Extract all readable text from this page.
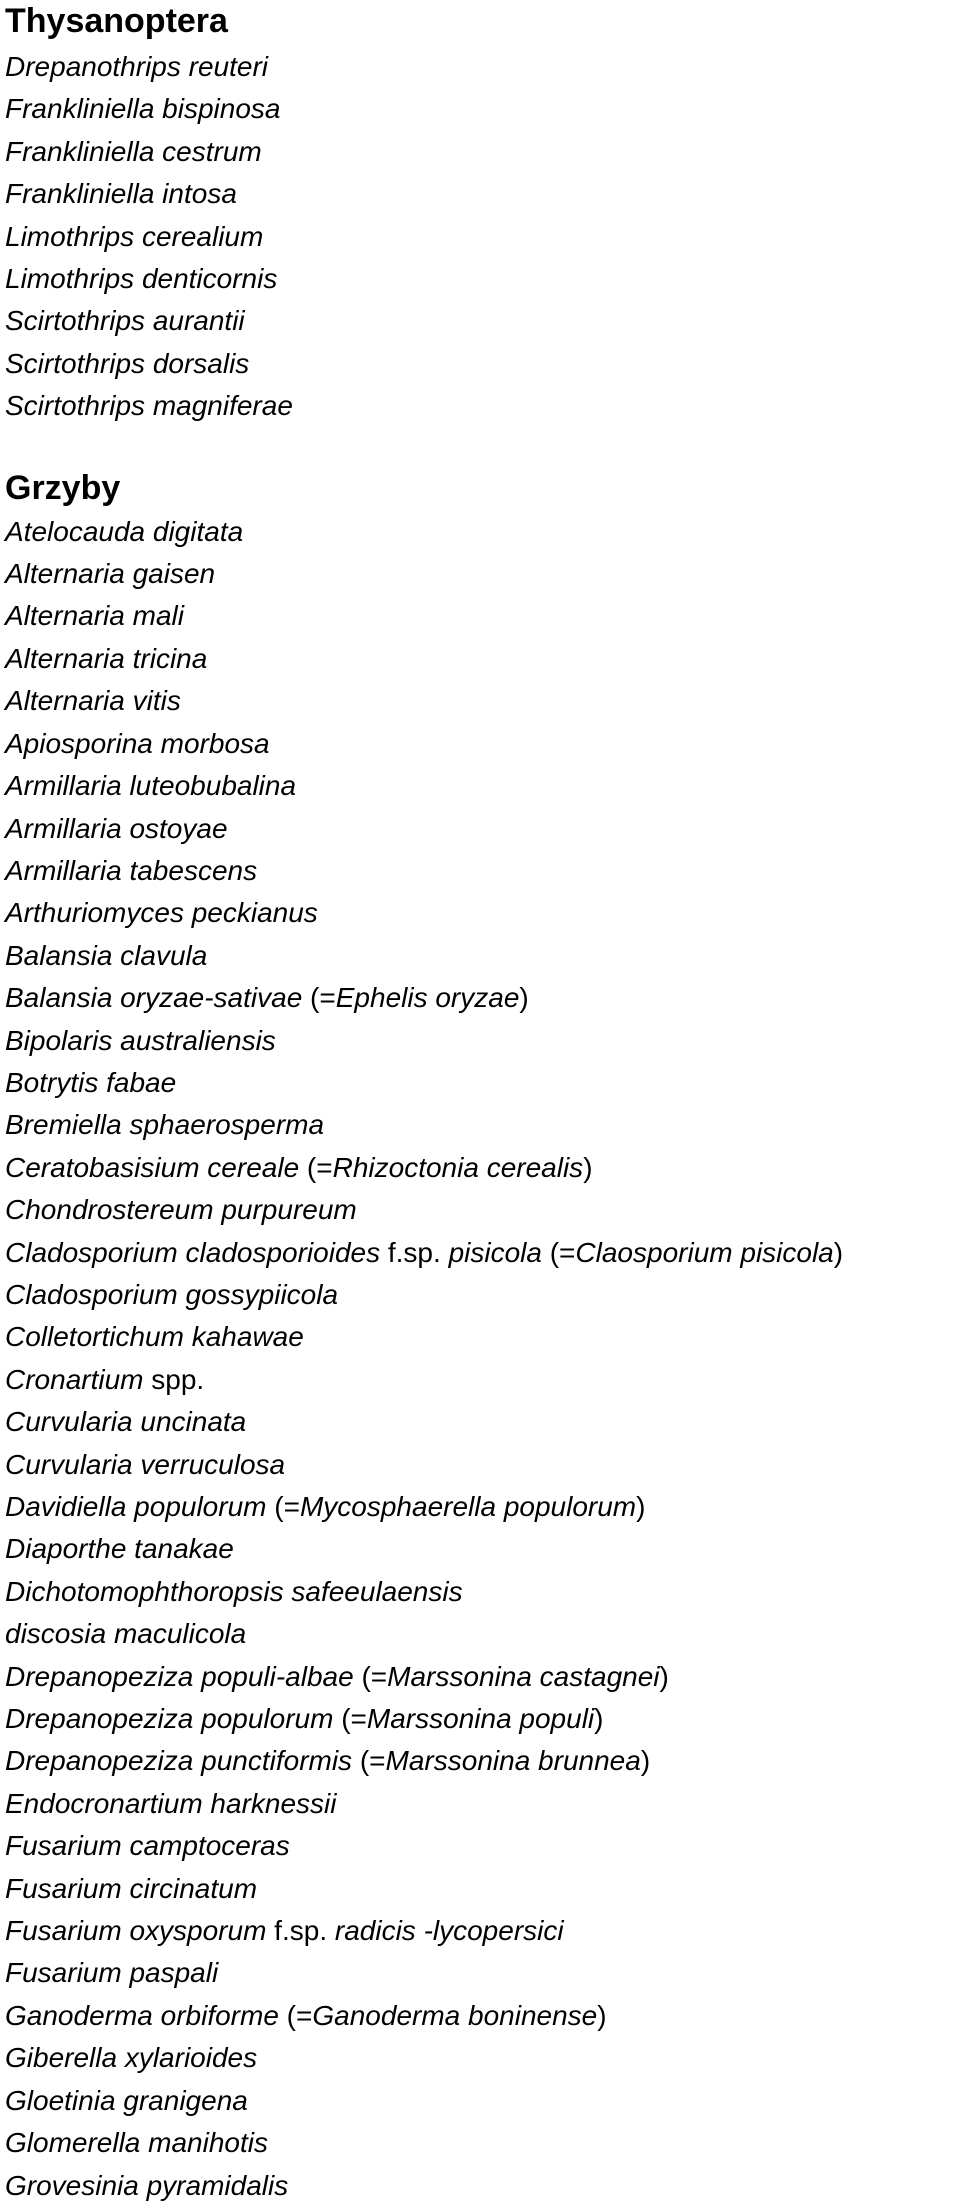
Thysanoptera
Drepanothrips reuteri
Frankliniella bispinosa
Frankliniella cestrum
Frankliniella intosa
Limothrips cerealium
Limothrips denticornis
Scirtothrips aurantii
Scirtothrips dorsalis
Scirtothrips magniferae
Grzyby
Atelocauda digitata
Alternaria gaisen
Alternaria mali
Alternaria tricina
Alternaria vitis
Apiosporina morbosa
Armillaria luteobubalina
Armillaria ostoyae
Armillaria tabescens
Arthuriomyces peckianus
Balansia clavula
Balansia oryzae-sativae (=Ephelis oryzae)
Bipolaris australiensis
Botrytis fabae
Bremiella sphaerosperma
Ceratobasisium cereale (=Rhizoctonia cerealis)
Chondrostereum purpureum
Cladosporium cladosporioides f.sp. pisicola (=Claosporium pisicola)
Cladosporium gossypiicola
Colletortichum kahawae
Cronartium spp.
Curvularia uncinata
Curvularia verruculosa
Davidiella populorum (=Mycosphaerella populorum)
Diaporthe tanakae
Dichotomophthoropsis safeeulaensis
discosia maculicola
Drepanopeziza populi-albae (=Marssonina castagnei)
Drepanopeziza populorum (=Marssonina populi)
Drepanopeziza punctiformis (=Marssonina brunnea)
Endocronartium harknessii
Fusarium camptoceras
Fusarium circinatum
Fusarium oxysporum f.sp. radicis -lycopersici
Fusarium paspali
Ganoderma orbiforme (=Ganoderma boninense)
Giberella xylarioides
Gloetinia granigena
Glomerella manihotis
Grovesinia pyramidalis
